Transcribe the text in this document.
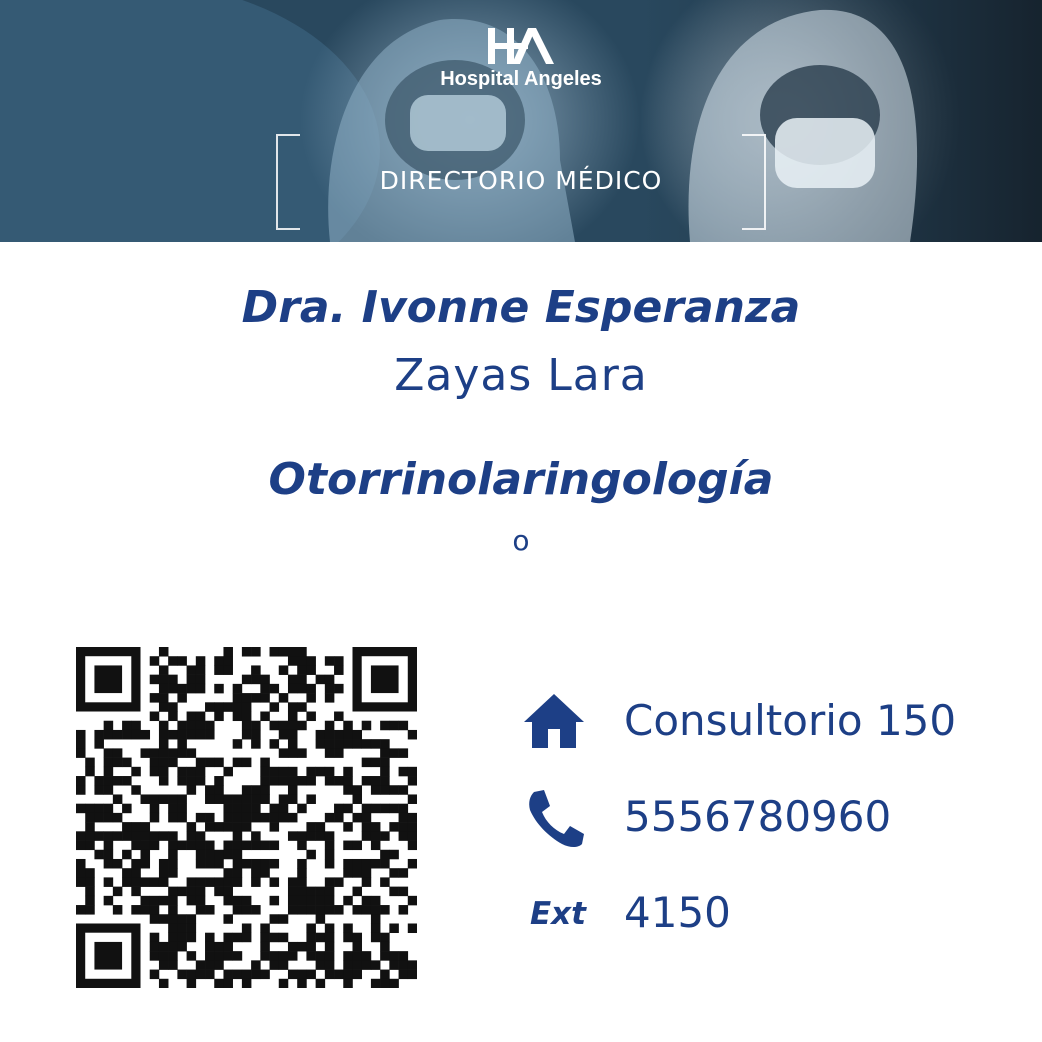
Hospital Angeles
DIRECTORIO MÉDICO
Dra. Ivonne Esperanza
Zayas Lara
Otorrinolaringología
o
Consultorio 150
5556780960
Ext 4150
